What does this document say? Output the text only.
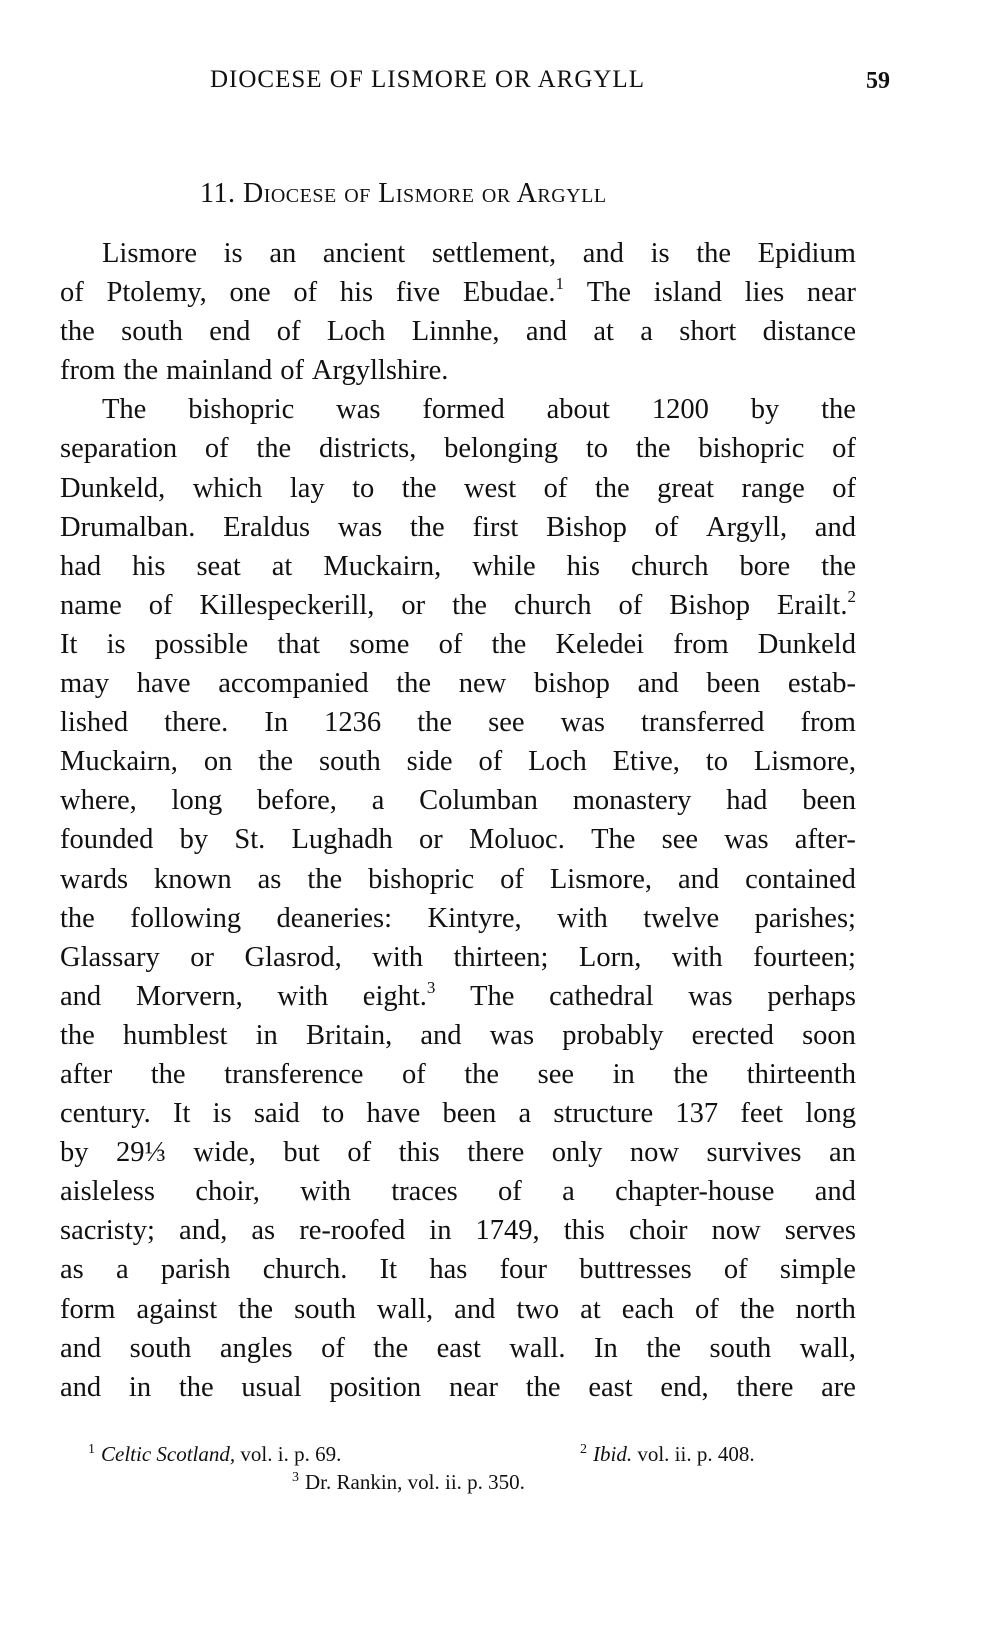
DIOCESE OF LISMORE OR ARGYLL	59
11. Diocese of Lismore or Argyll
Lismore is an ancient settlement, and is the Epidium
of Ptolemy, one of his five Ebudae.$^1$ The island lies near
the south end of Loch Linnhe, and at a short distance
from the mainland of Argyllshire.
The bishopric was formed about 1200 by the
separation of the districts, belonging to the bishopric of
Dunkeld, which lay to the west of the great range of
Drumalban. Eraldus was the first Bishop of Argyll, and
had his seat at Muckairn, while his church bore the
name of Killespeckerill, or the church of Bishop Erailt.$^2$
It is possible that some of the Keledei from Dunkeld
may have accompanied the new bishop and been estab-
lished there. In 1236 the see was transferred from
Muckairn, on the south side of Loch Etive, to Lismore,
where, long before, a Columban monastery had been
founded by St. Lughadh or Moluoc. The see was after-
wards known as the bishopric of Lismore, and contained
the following deaneries: Kintyre, with twelve parishes;
Glassary or Glasrod, with thirteen; Lorn, with fourteen;
and Morvern, with eight.$^3$ The cathedral was perhaps
the humblest in Britain, and was probably erected soon
after the transference of the see in the thirteenth
century. It is said to have been a structure 137 feet long
by 29⅓ wide, but of this there only now survives an
aisleless choir, with traces of a chapter-house and
sacristy; and, as re-roofed in 1749, this choir now serves
as a parish church. It has four buttresses of simple
form against the south wall, and two at each of the north
and south angles of the east wall. In the south wall,
and in the usual position near the east end, there are
$^1$ Celtic Scotland, vol. i. p. 69.	$^2$ Ibid. vol. ii. p. 408.
$^3$ Dr. Rankin, vol. ii. p. 350.
